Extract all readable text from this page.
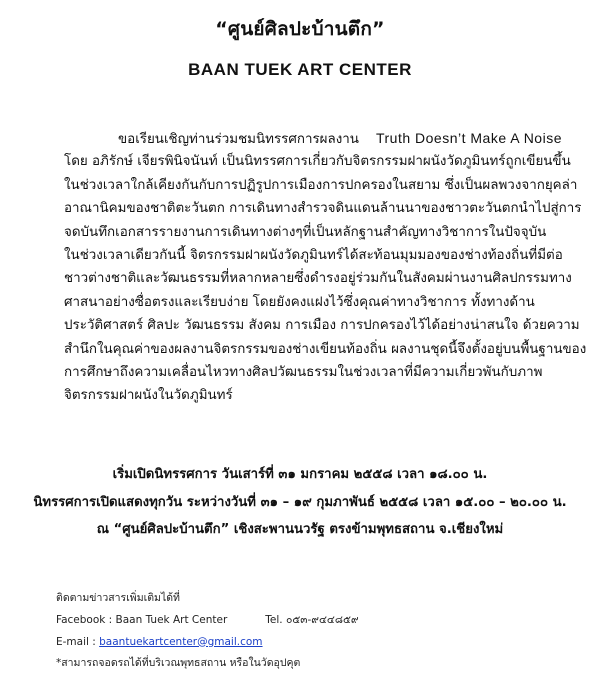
“ศูนย์ศิลปะบ้านตึก”
BAAN TUEK ART CENTER
ขอเรียนเชิญท่านร่วมชมนิทรรศการผลงาน Truth Doesn’t Make A Noise
โดย อภิรักษ์ เจียรพินิจนันท์ เป็นนิทรรศการเกี่ยวกับจิตรกรรมฝาผนังวัดภูมินทร์ถูกเขียนขึ้น
ในช่วงเวลาใกล้เคียงกันกับการปฏิรูปการเมืองการปกครองในสยาม ซึ่งเป็นผลพวงจากยุคล่า
อาณานิคมของชาติตะวันตก การเดินทางสำรวจดินแดนล้านนาของชาวตะวันตกนำไปสู่การ
จดบันทึกเอกสารรายงานการเดินทางต่างๆที่เป็นหลักฐานสำคัญทางวิชาการในปัจจุบัน
ในช่วงเวลาเดียวกันนี้ จิตรกรรมฝาผนังวัดภูมินทร์ได้สะท้อนมุมมองของช่างท้องถิ่นที่มีต่อ
ชาวต่างชาติและวัฒนธรรมที่หลากหลายซึ่งดำรงอยู่ร่วมกันในสังคมผ่านงานศิลปกรรมทาง
ศาสนาอย่างซื่อตรงและเรียบง่าย โดยยังคงแฝงไว้ซึ่งคุณค่าทางวิชาการ ทั้งทางด้าน
ประวัติศาสตร์ ศิลปะ วัฒนธรรม สังคม การเมือง การปกครองไว้ได้อย่างน่าสนใจ ด้วยความ
สำนึกในคุณค่าของผลงานจิตรกรรมของช่างเขียนท้องถิ่น ผลงานชุดนี้จึงตั้งอยู่บนพื้นฐานของ
การศึกษาถึงความเคลื่อนไหวทางศิลปวัฒนธรรมในช่วงเวลาที่มีความเกี่ยวพันกับภาพ
จิตรกรรมฝาผนังในวัดภูมินทร์
เริ่มเปิดนิทรรศการ วันเสาร์ที่ ๓๑ มกราคม ๒๕๕๘ เวลา ๑๘.๐๐ น.
นิทรรศการเปิดแสดงทุกวัน ระหว่างวันที่ ๓๑ – ๑๙ กุมภาพันธ์ ๒๕๕๘ เวลา ๑๕.๐๐ – ๒๐.๐๐ น.
ณ “ศูนย์ศิลปะบ้านตึก” เชิงสะพานนวรัฐ ตรงข้ามพุทธสถาน จ.เชียงใหม่
ติดตามข่าวสารเพิ่มเติมได้ที่
Facebook : Baan Tuek Art Center	Tel. ๐๕๓-๙๔๔๘๕๙
E-mail : baantuekartcenter@gmail.com
*สามารถจอดรถได้ที่บริเวณพุทธสถาน หรือในวัดอุปคุต
